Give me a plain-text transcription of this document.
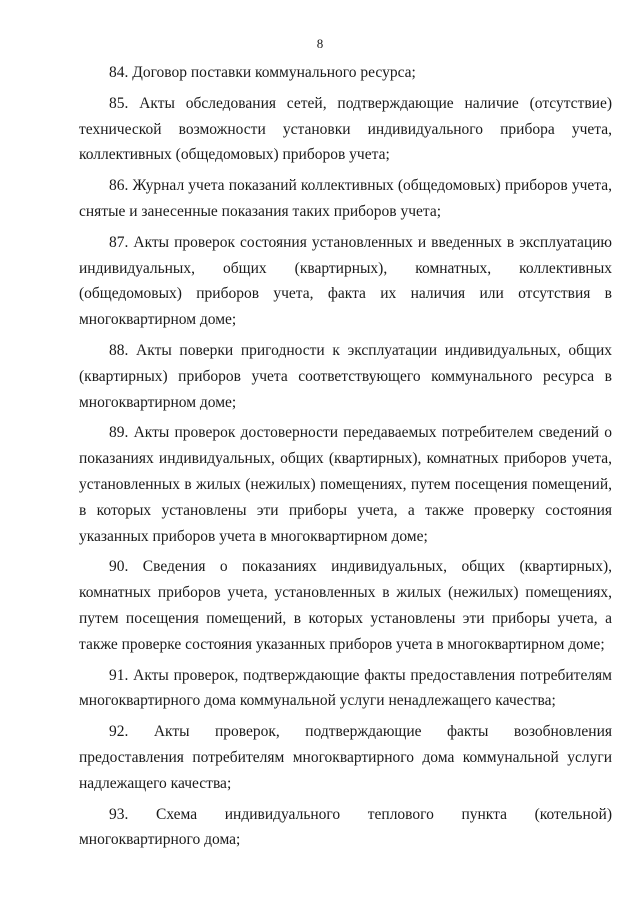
8

84. Договор поставки коммунального ресурса;

85. Акты обследования сетей, подтверждающие наличие (отсутствие) технической возможности установки индивидуального прибора учета, коллективных (общедомовых) приборов учета;

86. Журнал учета показаний коллективных (общедомовых) приборов учета, снятые и занесенные показания таких приборов учета;

87. Акты проверок состояния установленных и введенных в эксплуатацию индивидуальных, общих (квартирных), комнатных, коллективных (общедомовых) приборов учета, факта их наличия или отсутствия в многоквартирном доме;

88. Акты поверки пригодности к эксплуатации индивидуальных, общих (квартирных) приборов учета соответствующего коммунального ресурса в многоквартирном доме;

89. Акты проверок достоверности передаваемых потребителем сведений о показаниях индивидуальных, общих (квартирных), комнатных приборов учета, установленных в жилых (нежилых) помещениях, путем посещения помещений, в которых установлены эти приборы учета, а также проверку состояния указанных приборов учета в многоквартирном доме;

90. Сведения о показаниях индивидуальных, общих (квартирных), комнатных приборов учета, установленных в жилых (нежилых) помещениях, путем посещения помещений, в которых установлены эти приборы учета, а также проверке состояния указанных приборов учета в многоквартирном доме;

91. Акты проверок, подтверждающие факты предоставления потребителям многоквартирного дома коммунальной услуги ненадлежащего качества;

92. Акты проверок, подтверждающие факты возобновления предоставления потребителям многоквартирного дома коммунальной услуги надлежащего качества;

93. Схема индивидуального теплового пункта (котельной) многоквартирного дома;
